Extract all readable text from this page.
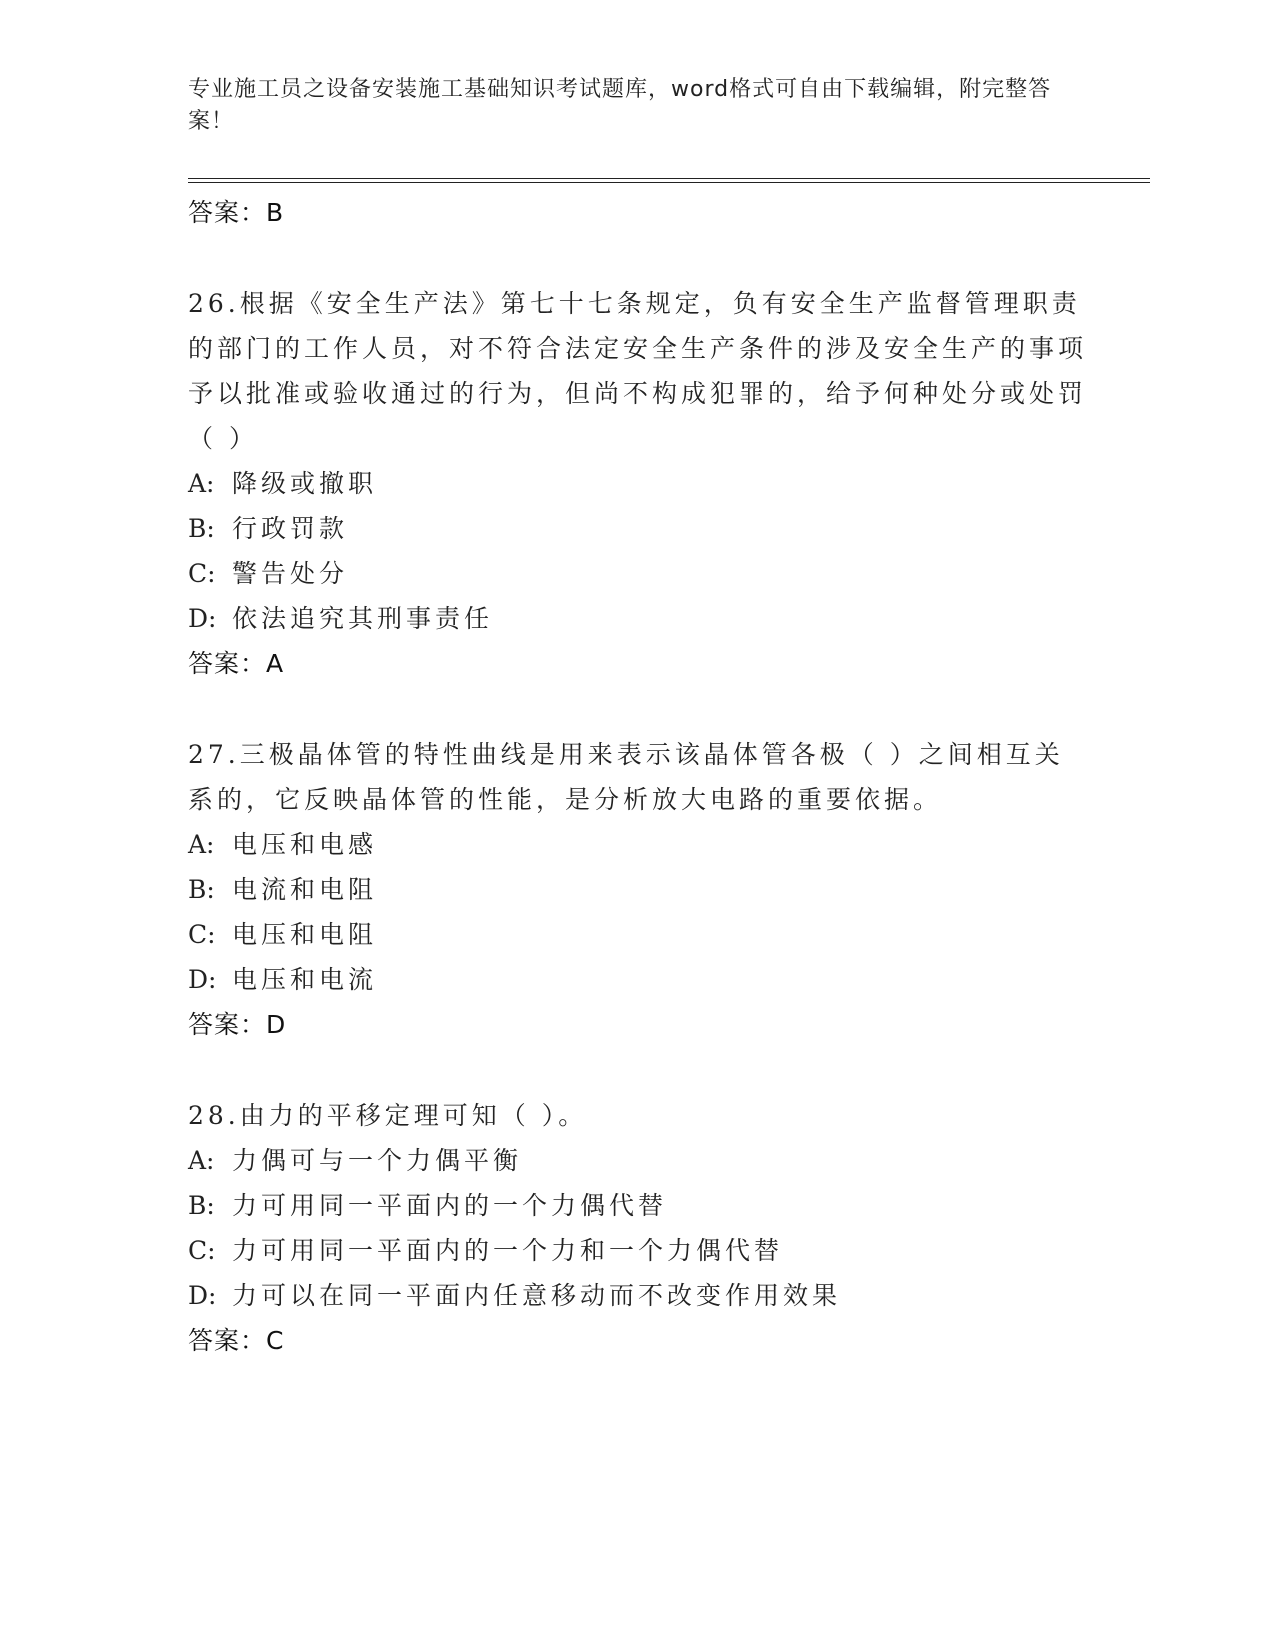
专业施工员之设备安装施工基础知识考试题库，word格式可自由下载编辑，附完整答案！
答案：B
26.根据《安全生产法》第七十七条规定，负有安全生产监督管理职责的部门的工作人员，对不符合法定安全生产条件的涉及安全生产的事项予以批准或验收通过的行为，但尚不构成犯罪的，给予何种处分或处罚（ ）
A: 降级或撤职
B: 行政罚款
C: 警告处分
D: 依法追究其刑事责任
答案：A
27.三极晶体管的特性曲线是用来表示该晶体管各极（ ）之间相互关系的，它反映晶体管的性能，是分析放大电路的重要依据。
A: 电压和电感
B: 电流和电阻
C: 电压和电阻
D: 电压和电流
答案：D
28.由力的平移定理可知（ ）。
A: 力偶可与一个力偶平衡
B: 力可用同一平面内的一个力偶代替
C: 力可用同一平面内的一个力和一个力偶代替
D: 力可以在同一平面内任意移动而不改变作用效果
答案：C
